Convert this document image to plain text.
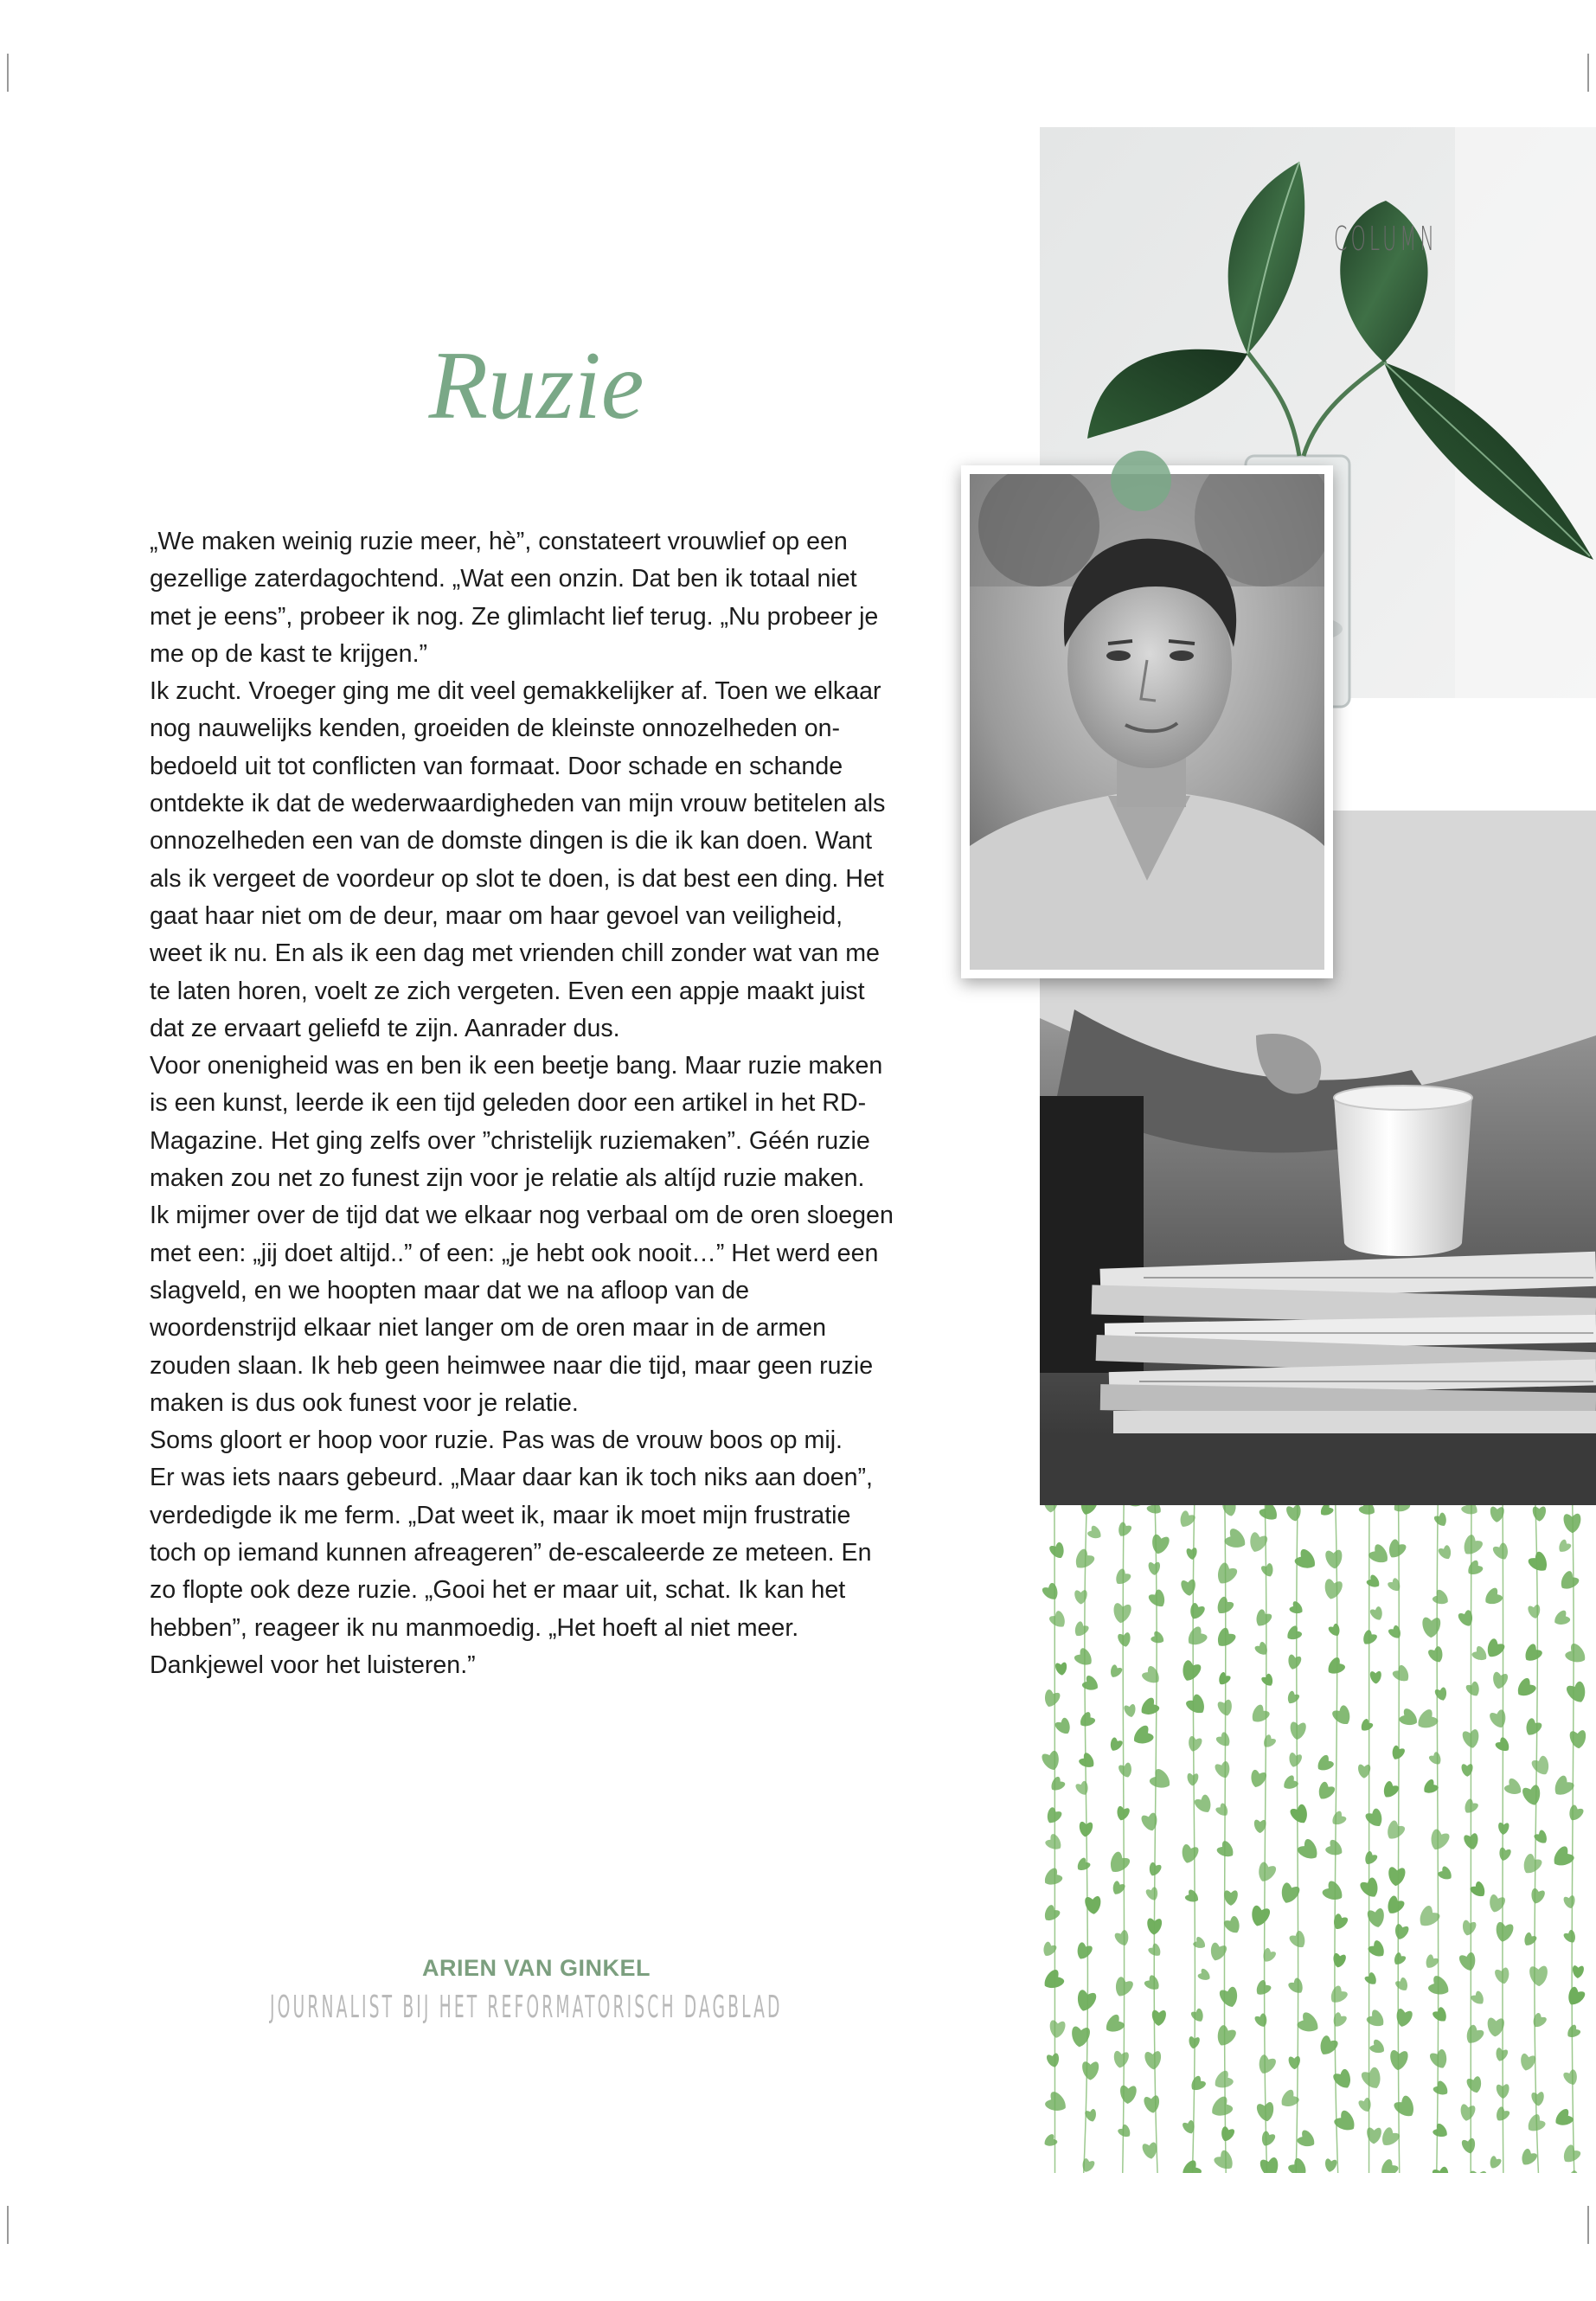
COLUMN
Ruzie

„We maken weinig ruzie meer, hè”, constateert vrouwlief op een gezellige zaterdagochtend. „Wat een onzin. Dat ben ik totaal niet met je eens”, probeer ik nog. Ze glimlacht lief terug. „Nu probeer je me op de kast te krijgen.”

Ik zucht. Vroeger ging me dit veel gemakkelijker af. Toen we elkaar nog nauwelijks kenden, groeiden de kleinste onnozelheden onbedoeld uit tot conflicten van formaat. Door schade en schande ontdekte ik dat de wederwaardigheden van mijn vrouw betitelen als onnozelheden een van de domste dingen is die ik kan doen. Want als ik vergeet de voordeur op slot te doen, is dat best een ding. Het gaat haar niet om de deur, maar om haar gevoel van veiligheid, weet ik nu. En als ik een dag met vrienden chill zonder wat van me te laten horen, voelt ze zich vergeten. Even een appje maakt juist dat ze ervaart geliefd te zijn. Aanrader dus.

Voor onenigheid was en ben ik een beetje bang. Maar ruzie maken is een kunst, leerde ik een tijd geleden door een artikel in het RD-Magazine. Het ging zelfs over ”christelijk ruziemaken”. Géén ruzie maken zou net zo funest zijn voor je relatie als altíjd ruzie maken.

Ik mijmer over de tijd dat we elkaar nog verbaal om de oren sloegen met een: „jij doet altijd..” of een: „je hebt ook nooit…” Het werd een slagveld, en we hoopten maar dat we na afloop van de woordenstrijd elkaar niet langer om de oren maar in de armen zouden slaan. Ik heb geen heimwee naar die tijd, maar geen ruzie maken is dus ook funest voor je relatie.

Soms gloort er hoop voor ruzie. Pas was de vrouw boos op mij.

Er was iets naars gebeurd. „Maar daar kan ik toch niks aan doen”, verdedigde ik me ferm. „Dat weet ik, maar ik moet mijn frustratie toch op iemand kunnen afreageren” de-escaleerde ze meteen. En zo flopte ook deze ruzie. „Gooi het er maar uit, schat. Ik kan het hebben”, reageer ik nu manmoedig. „Het hoeft al niet meer. Dankjewel voor het luisteren.”

ARIEN VAN GINKEL
JOURNALIST BIJ HET REFORMATORISCH DAGBLAD
